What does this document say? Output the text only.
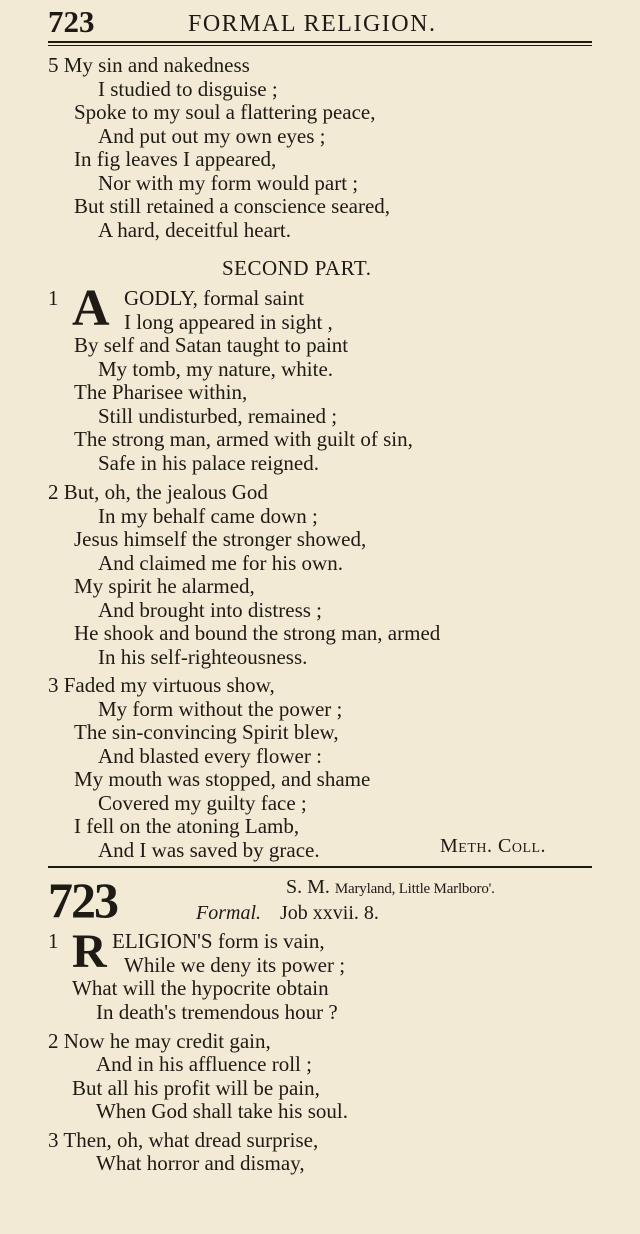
723	FORMAL RELIGION.
5 My sin and nakedness
I studied to disguise ;
Spoke to my soul a flattering peace,
And put out my own eyes ;
In fig leaves I appeared,
Nor with my form would part ;
But still retained a conscience seared,
A hard, deceitful heart.
SECOND PART.
1 A GODLY, formal saint
I long appeared in sight ,
By self and Satan taught to paint
My tomb, my nature, white.
The Pharisee within,
Still undisturbed, remained ;
The strong man, armed with guilt of sin,
Safe in his palace reigned.
2 But, oh, the jealous God
In my behalf came down ;
Jesus himself the stronger showed,
And claimed me for his own.
My spirit he alarmed,
And brought into distress ;
He shook and bound the strong man, armed
In his self-righteousness.
3 Faded my virtuous show,
My form without the power ;
The sin-convincing Spirit blew,
And blasted every flower :
My mouth was stopped, and shame
Covered my guilty face ;
I fell on the atoning Lamb,
And I was saved by grace.	Meth. Coll.
723	S. M. Maryland, Little Marlboro'.
Formal. Job xxvii. 8.
1 R ELIGION'S form is vain,
While we deny its power ;
What will the hypocrite obtain
In death's tremendous hour ?
2 Now he may credit gain,
And in his affluence roll ;
But all his profit will be pain,
When God shall take his soul.
3 Then, oh, what dread surprise,
What horror and dismay,
